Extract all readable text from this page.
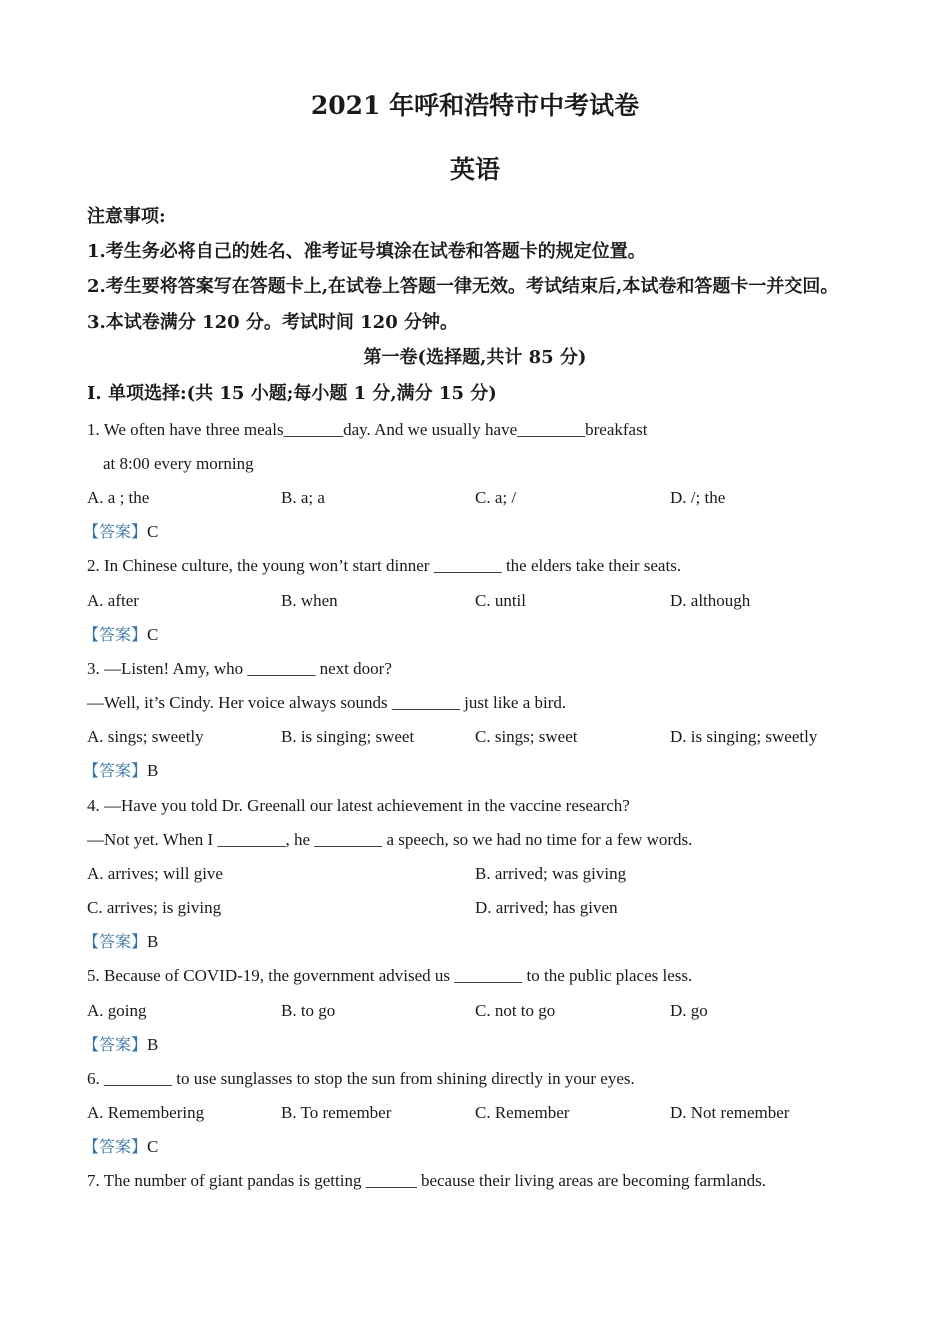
2021 年呼和浩特市中考试卷
英语
注意事项:
1.考生务必将自己的姓名、准考证号填涂在试卷和答题卡的规定位置。
2.考生要将答案写在答题卡上,在试卷上答题一律无效。考试结束后,本试卷和答题卡一并交回。
3.本试卷满分 120 分。考试时间 120 分钟。
第一卷(选择题,共计 85 分)
I. 单项选择:(共 15 小题;每小题 1 分,满分 15 分)
1. We often have three meals_______day. And we usually have________breakfast
at 8:00 every morning
A. a ; the	B. a; a	C. a; /	D. /; the
【答案】C
2. In Chinese culture, the young won’t start dinner ________ the elders take their seats.
A. after	B. when	C. until	D. although
【答案】C
3. —Listen! Amy, who ________ next door?
—Well, it’s Cindy. Her voice always sounds ________ just like a bird.
A. sings; sweetly	B. is singing; sweet	C. sings; sweet	D. is singing; sweetly
【答案】B
4. —Have you told Dr. Greenall our latest achievement in the vaccine research?
—Not yet. When I ________, he ________ a speech, so we had no time for a few words.
A. arrives; will give	B. arrived; was giving
C. arrives; is giving	D. arrived; has given
【答案】B
5. Because of COVID-19, the government advised us ________ to the public places less.
A. going	B. to go	C. not to go	D. go
【答案】B
6. ________ to use sunglasses to stop the sun from shining directly in your eyes.
A. Remembering	B. To remember	C. Remember	D. Not remember
【答案】C
7. The number of giant pandas is getting ______ because their living areas are becoming farmlands.
